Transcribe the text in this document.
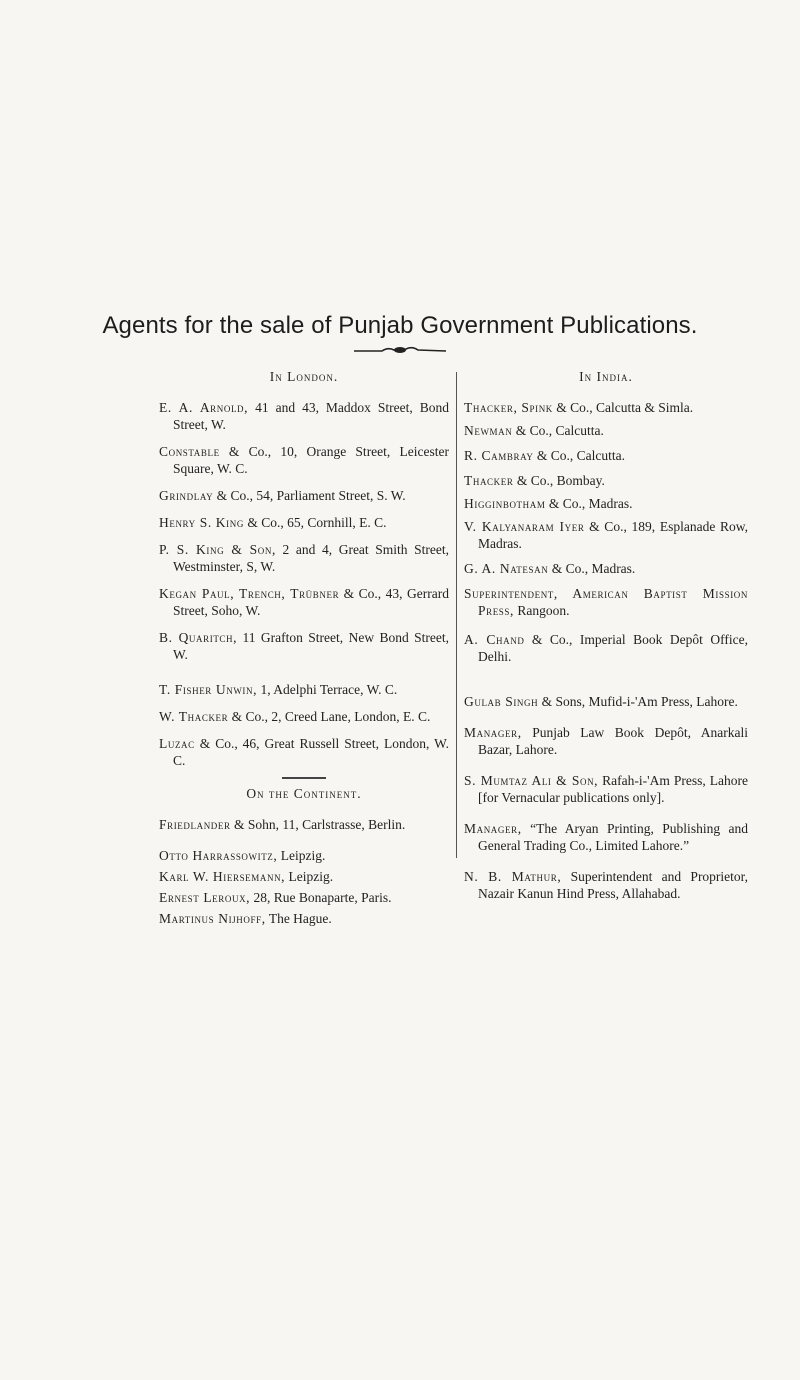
Agents for the sale of Punjab Government Publications.
In London.
E. A. Arnold, 41 and 43, Maddox Street, Bond Street, W.
Constable & Co., 10, Orange Street, Leicester Square, W. C.
Grindlay & Co., 54, Parliament Street, S. W.
Henry S. King & Co., 65, Cornhill, E. C.
P. S. King & Son, 2 and 4, Great Smith Street, Westminster, S, W.
Kegan Paul, Trench, Trübner & Co., 43, Gerrard Street, Soho, W.
B. Quaritch, 11 Grafton Street, New Bond Street, W.
T. Fisher Unwin, 1, Adelphi Terrace, W. C.
W. Thacker & Co., 2, Creed Lane, London, E. C.
Luzac & Co., 46, Great Russell Street, London, W. C.
On the Continent.
Friedlander & Sohn, 11, Carlstrasse, Berlin.
Otto Harrassowitz, Leipzig.
Karl W. Hiersemann, Leipzig.
Ernest Leroux, 28, Rue Bonaparte, Paris.
Martinus Nijhoff, The Hague.
In India.
Thacker, Spink & Co., Calcutta & Simla.
Newman & Co., Calcutta.
R. Cambray & Co., Calcutta.
Thacker & Co., Bombay.
Higginbotham & Co., Madras.
V. Kalyanaram Iyer & Co., 189, Esplanade Row, Madras.
G. A. Natesan & Co., Madras.
Superintendent, American Baptist Mission Press, Rangoon.
A. Chand & Co., Imperial Book Depôt Office, Delhi.
Gulab Singh & Sons, Mufid-i-'Am Press, Lahore.
Manager, Punjab Law Book Depôt, Anarkali Bazar, Lahore.
S. Mumtaz Ali & Son, Rafah-i-'Am Press, Lahore [for Vernacular publications only].
Manager, “The Aryan Printing, Publishing and General Trading Co., Limited Lahore.”
N. B. Mathur, Superintendent and Proprietor, Nazair Kanun Hind Press, Allahabad.
